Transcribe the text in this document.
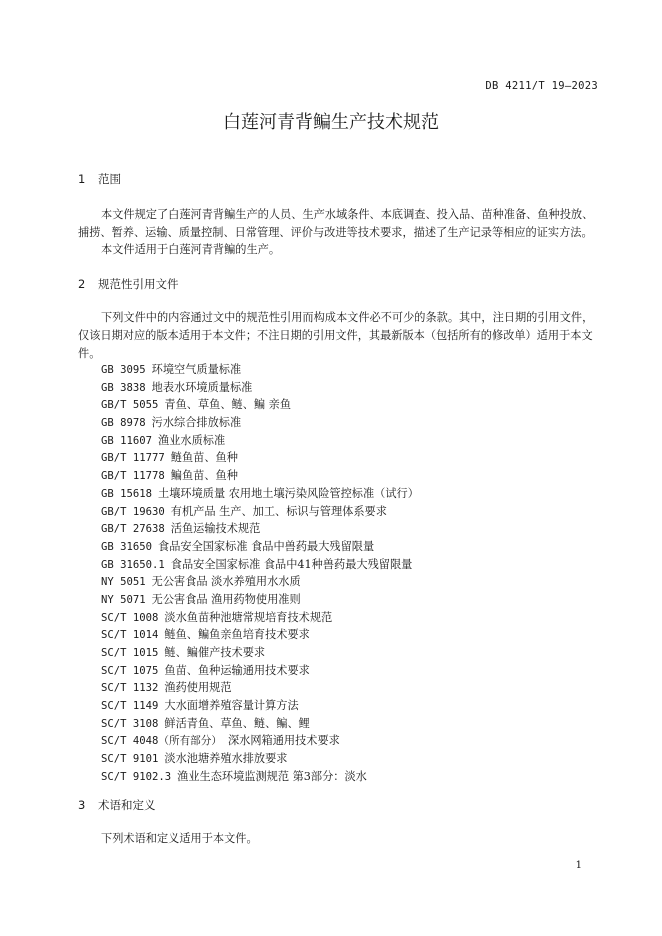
DB 4211/T 19—2023
白莲河青背鳊生产技术规范
1 范围
本文件规定了白莲河青背鳊生产的人员、生产水域条件、本底调查、投入品、苗种准备、鱼种投放、捕捞、暂养、运输、质量控制、日常管理、评价与改进等技术要求，描述了生产记录等相应的证实方法。
本文件适用于白莲河青背鳊的生产。
2 规范性引用文件
下列文件中的内容通过文中的规范性引用而构成本文件必不可少的条款。其中，注日期的引用文件，仅该日期对应的版本适用于本文件；不注日期的引用文件，其最新版本（包括所有的修改单）适用于本文件。
GB 3095 环境空气质量标准
GB 3838 地表水环境质量标准
GB/T 5055 青鱼、草鱼、鲢、鳊 亲鱼
GB 8978 污水综合排放标准
GB 11607 渔业水质标准
GB/T 11777 鲢鱼苗、鱼种
GB/T 11778 鳊鱼苗、鱼种
GB 15618 土壤环境质量 农用地土壤污染风险管控标准（试行）
GB/T 19630 有机产品 生产、加工、标识与管理体系要求
GB/T 27638 活鱼运输技术规范
GB 31650 食品安全国家标准 食品中兽药最大残留限量
GB 31650.1 食品安全国家标准 食品中41种兽药最大残留限量
NY 5051 无公害食品 淡水养殖用水水质
NY 5071 无公害食品 渔用药物使用准则
SC/T 1008 淡水鱼苗种池塘常规培育技术规范
SC/T 1014 鲢鱼、鳊鱼亲鱼培育技术要求
SC/T 1015 鲢、鳊催产技术要求
SC/T 1075 鱼苗、鱼种运输通用技术要求
SC/T 1132 渔药使用规范
SC/T 1149 大水面增养殖容量计算方法
SC/T 3108 鲜活青鱼、草鱼、鲢、鳊、鲤
SC/T 4048（所有部分） 深水网箱通用技术要求
SC/T 9101 淡水池塘养殖水排放要求
SC/T 9102.3 渔业生态环境监测规范 第3部分：淡水
3 术语和定义
下列术语和定义适用于本文件。
1
